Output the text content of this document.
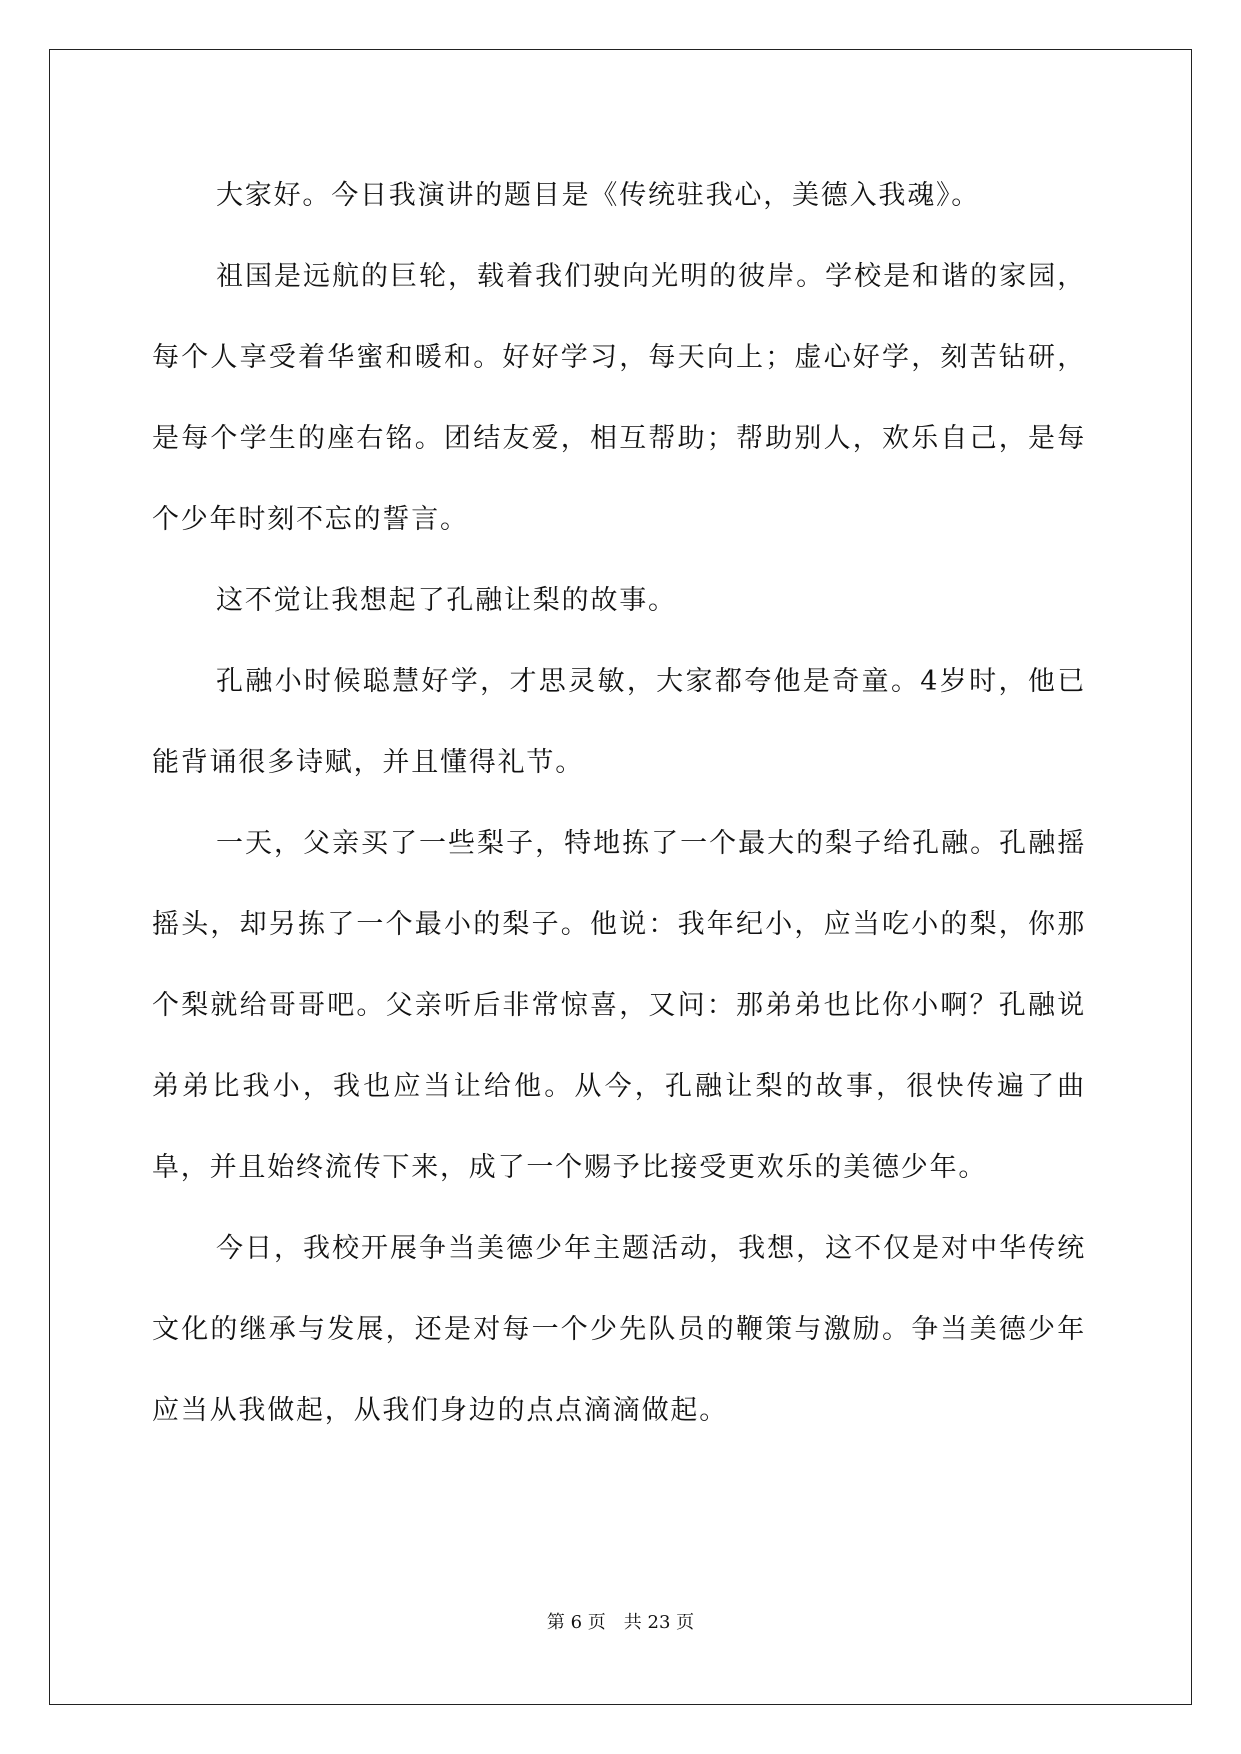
大家好。今日我演讲的题目是《传统驻我心，美德入我魂》。

祖国是远航的巨轮，载着我们驶向光明的彼岸。学校是和谐的家园，每个人享受着华蜜和暖和。好好学习，每天向上；虚心好学，刻苦钻研，是每个学生的座右铭。团结友爱，相互帮助；帮助别人，欢乐自己，是每个少年时刻不忘的誓言。

这不觉让我想起了孔融让梨的故事。

孔融小时候聪慧好学，才思灵敏，大家都夸他是奇童。4岁时，他已能背诵很多诗赋，并且懂得礼节。

一天，父亲买了一些梨子，特地拣了一个最大的梨子给孔融。孔融摇摇头，却另拣了一个最小的梨子。他说：我年纪小，应当吃小的梨，你那个梨就给哥哥吧。父亲听后非常惊喜，又问：那弟弟也比你小啊？孔融说弟弟比我小，我也应当让给他。从今，孔融让梨的故事，很快传遍了曲阜，并且始终流传下来，成了一个赐予比接受更欢乐的美德少年。

今日，我校开展争当美德少年主题活动，我想，这不仅是对中华传统文化的继承与发展，还是对每一个少先队员的鞭策与激励。争当美德少年应当从我做起，从我们身边的点点滴滴做起。

第 6 页　共 23 页
